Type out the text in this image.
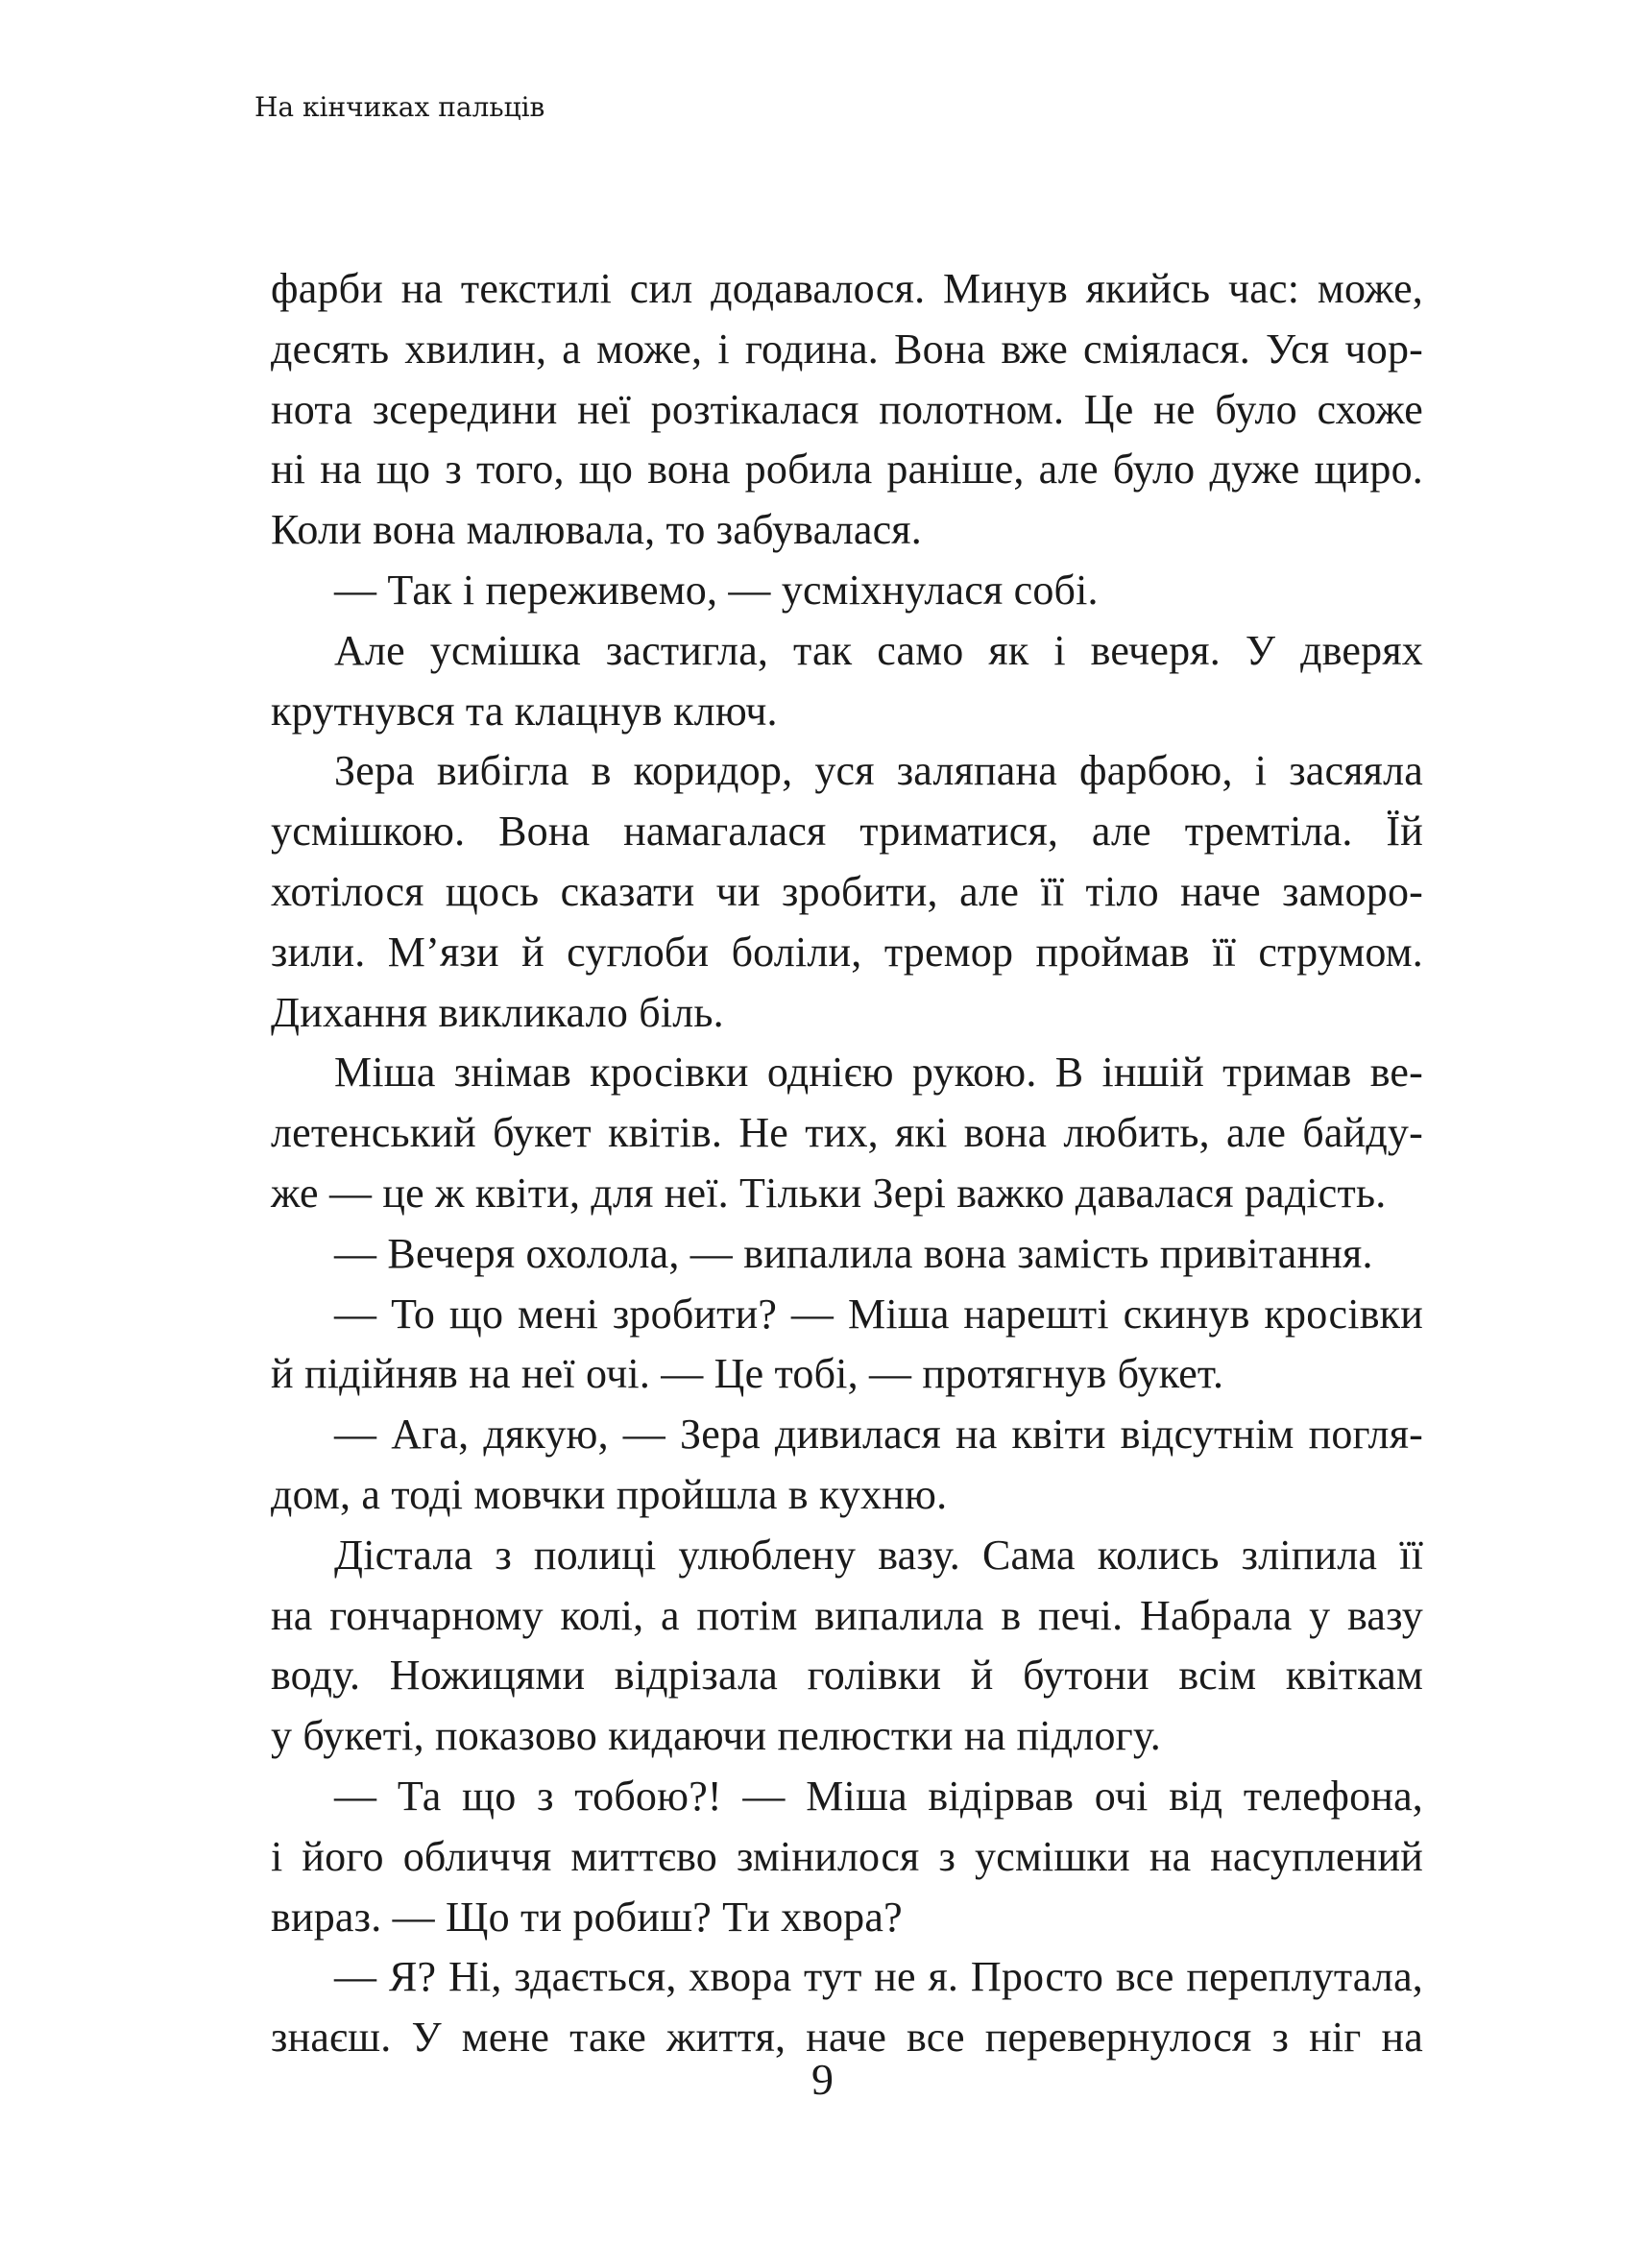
На кінчиках пальців
фарби на текстилі сил додавалося. Минув якийсь час: може,
десять хвилин, а може, і година. Вона вже сміялася. Уся чор-
нота зсередини неї розтікалася полотном. Це не було схоже
ні на що з того, що вона робила раніше, але було дуже щиро.
Коли вона малювала, то забувалася.
— Так і переживемо, — усміхнулася собі.
Але усмішка застигла, так само як і вечеря. У дверях
крутнувся та клацнув ключ.
Зера вибігла в коридор, уся заляпана фарбою, і засяяла
усмішкою. Вона намагалася триматися, але тремтіла. Їй
хотілося щось сказати чи зробити, але її тіло наче заморо-
зили. М’язи й суглоби боліли, тремор проймав її струмом.
Дихання викликало біль.
Міша знімав кросівки однією рукою. В іншій тримав ве-
летенський букет квітів. Не тих, які вона любить, але байду-
же — це ж квіти, для неї. Тільки Зері важко давалася радість.
— Вечеря охолола, — випалила вона замість привітання.
— То що мені зробити? — Міша нарешті скинув кросівки
й підійняв на неї очі. — Це тобі, — протягнув букет.
— Ага, дякую, — Зера дивилася на квіти відсутнім погля-
дом, а тоді мовчки пройшла в кухню.
Дістала з полиці улюблену вазу. Сама колись зліпила її
на гончарному колі, а потім випалила в печі. Набрала у вазу
воду. Ножицями відрізала голівки й бутони всім квіткам
у букеті, показово кидаючи пелюстки на підлогу.
— Та що з тобою?! — Міша відірвав очі від телефона,
і його обличчя миттєво змінилося з усмішки на насуплений
вираз. — Що ти робиш? Ти хвора?
— Я? Ні, здається, хвора тут не я. Просто все переплутала,
знаєш. У мене таке життя, наче все перевернулося з ніг на
9
